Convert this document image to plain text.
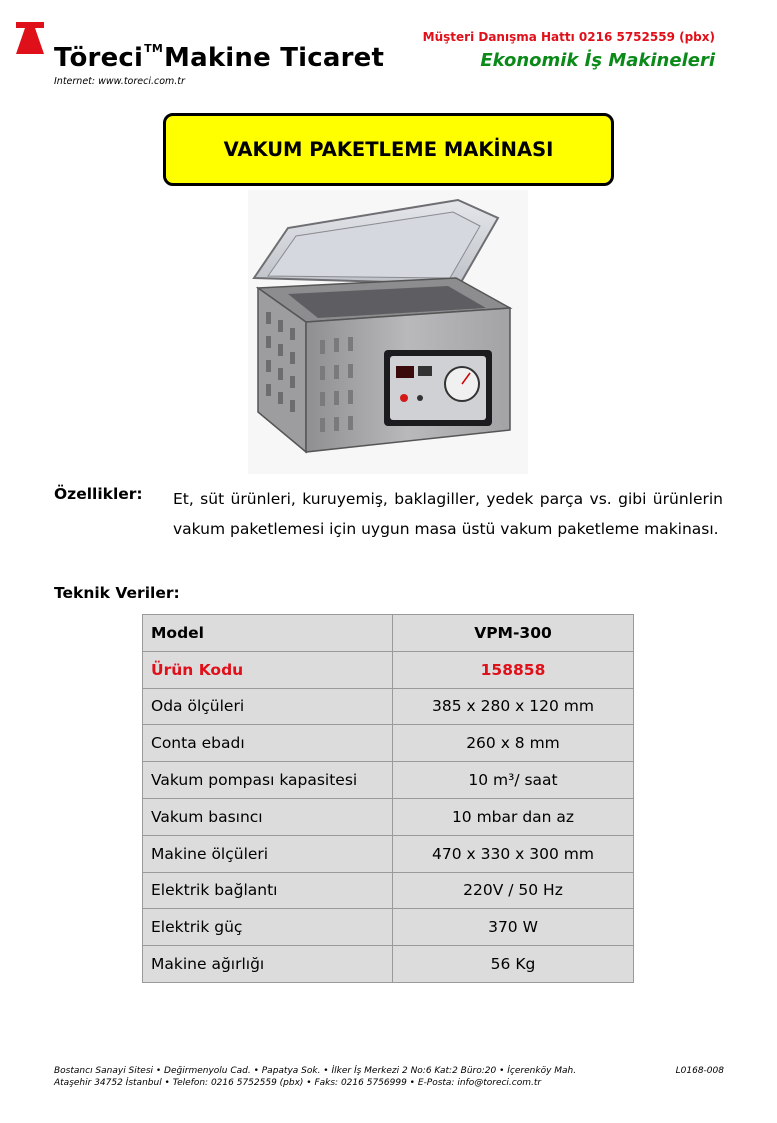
Töreci™Makine Ticaret
Internet: www.toreci.com.tr
Müşteri Danışma Hattı 0216 5752559 (pbx)
Ekonomik İş Makineleri
VAKUM PAKETLEME MAKİNASI
Özellikler: Et, süt ürünleri, kuruyemiş, baklagiller, yedek parça vs. gibi ürünlerin vakum paketlemesi için uygun masa üstü vakum paketleme makinası.
Teknik Veriler:
Model	VPM-300
Ürün Kodu	158858
Oda ölçüleri	385 x 280 x 120 mm
Conta ebadı	260 x 8 mm
Vakum pompası kapasitesi	10 m³/ saat
Vakum basıncı	10 mbar dan az
Makine ölçüleri	470 x 330 x 300 mm
Elektrik bağlantı	220V / 50 Hz
Elektrik güç	370 W
Makine ağırlığı	56 Kg
Bostancı Sanayi Sitesi • Değirmenyolu Cad. • Papatya Sok. • İlker İş Merkezi 2 No:6 Kat:2 Büro:20 • İçerenköy Mah.
Ataşehir 34752 İstanbul • Telefon: 0216 5752559 (pbx) • Faks: 0216 5756999 • E-Posta: info@toreci.com.tr
L0168-008
